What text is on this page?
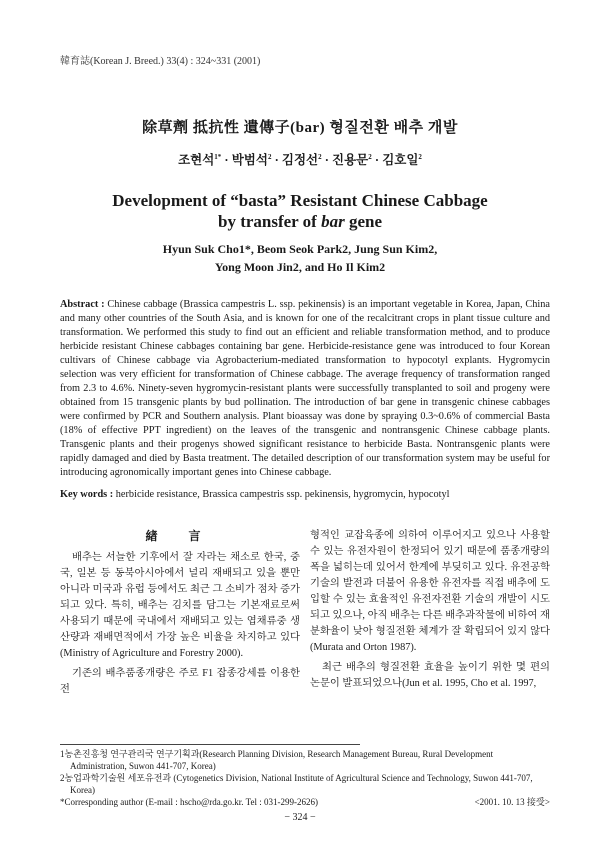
韓育誌(Korean J. Breed.) 33(4) : 324~331 (2001)
除草劑 抵抗性 遺傳子(bar) 형질전환 배추 개발
조현석$^{1*}$ · 박범석$^2$ · 김정선$^2$ · 진용문$^2$ · 김호일$^2$
Development of “basta” Resistant Chinese Cabbage
by transfer of bar gene
Hyun Suk Cho1*, Beom Seok Park2, Jung Sun Kim2,
Yong Moon Jin2, and Ho Il Kim2
Abstract : Chinese cabbage (Brassica campestris L. ssp. pekinensis) is an important vegetable in Korea, Japan, China and many other countries of the South Asia, and is known for one of the recalcitrant crops in plant tissue culture and transformation. We performed this study to find out an efficient and reliable transformation method, and to produce herbicide resistant Chinese cabbages containing bar gene. Herbicide-resistance gene was introduced to four Korean cultivars of Chinese cabbage via Agrobacterium-mediated transformation to hypocotyl explants. Hygromycin selection was very efficient for transformation of Chinese cabbage. The average frequency of transformation ranged from 2.3 to 4.6%. Ninety-seven hygromycin-resistant plants were successfully transplanted to soil and progeny were obtained from 15 transgenic plants by bud pollination. The introduction of bar gene in transgenic chinese cabbages were confirmed by PCR and Southern analysis. Plant bioassay was done by spraying 0.3~0.6% of commercial Basta (18% of effective PPT ingredient) on the leaves of the transgenic and nontransgenic Chinese cabbage plants. Transgenic plants and their progenys showed significant resistance to herbicide Basta. Nontransgenic plants were rapidly damaged and died by Basta treatment. The detailed description of our transformation system may be useful for introducing agronomically important genes into Chinese cabbage.
Key words : herbicide resistance, Brassica campestris ssp. pekinensis, hygromycin, hypocotyl
緖 言

배추는 서늘한 기후에서 잘 자라는 채소로 한국, 중국, 일본 등 동북아시아에서 널리 재배되고 있을 뿐만 아니라 미국과 유럽 등에서도 최근 그 소비가 점차 증가되고 있다. 특히, 배추는 김치를 담그는 기본재료로써 사용되기 때문에 국내에서 재배되고 있는 엽채류중 생산량과 재배면적에서 가장 높은 비율을 차지하고 있다(Ministry of Agriculture and Forestry 2000).

기존의 배추품종개량은 주로 F1 잡종강세를 이용한 전

형적인 교잡육종에 의하여 이루어지고 있으나 사용할 수 있는 유전자원이 한정되어 있기 때문에 품종개량의 폭을 넓히는데 있어서 한계에 부딪히고 있다. 유전공학 기술의 발전과 더불어 유용한 유전자를 직접 배추에 도입할 수 있는 효율적인 유전자전환 기술의 개발이 시도되고 있으나, 아직 배추는 다른 배추과작물에 비하여 재분화율이 낮아 형질전환 체계가 잘 확립되어 있지 않다(Murata and Orton 1987).

최근 배추의 형질전환 효율을 높이기 위한 몇 편의 논문이 발표되었으나(Jun et al. 1995, Cho et al. 1997,

1농촌진흥청 연구관리국 연구기획과(Research Planning Division, Research Management Bureau, Rural Development Administration, Suwon 441-707, Korea)

2농업과학기술원 세포유전과 (Cytogenetics Division, National Institute of Agricultural Science and Technology, Suwon 441-707, Korea)

*Corresponding author (E-mail : hscho@rda.go.kr. Tel : 031-299-2626)	<2001. 10. 13 接受>
− 324 −
